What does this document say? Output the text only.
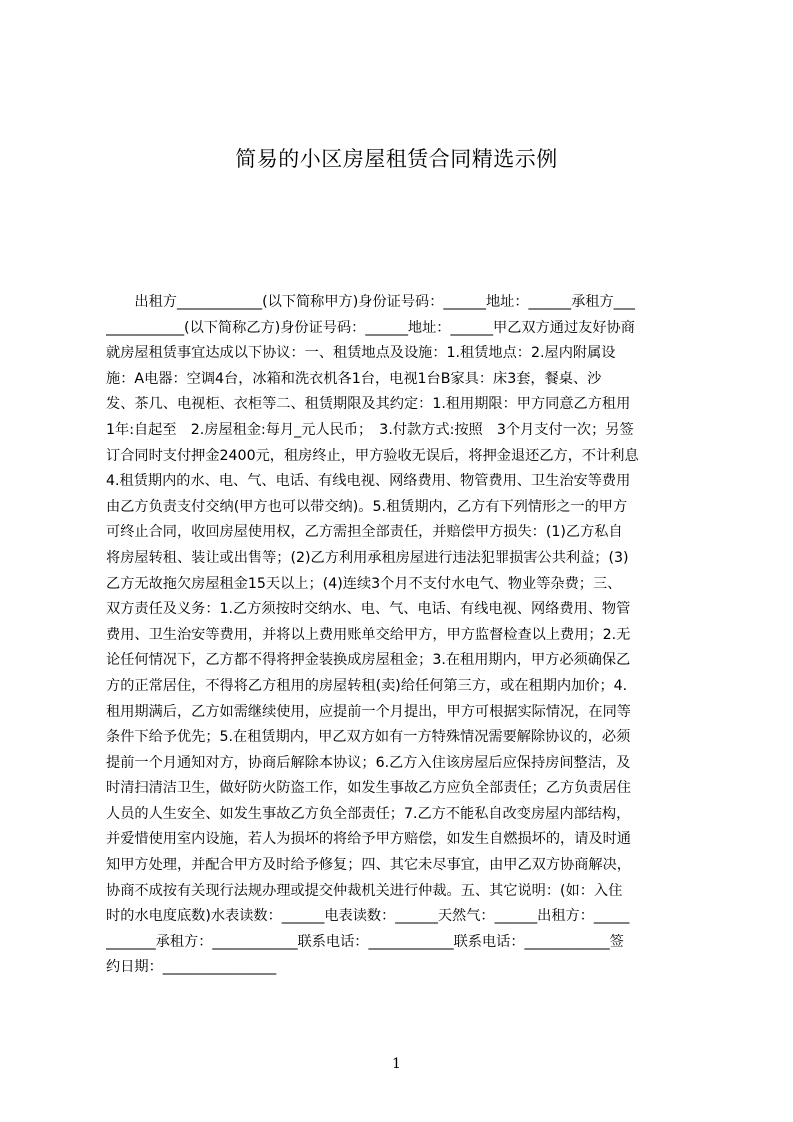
简易的小区房屋租赁合同精选示例
　　出租方____________(以下简称甲方)身份证号码：______地址：______承租方___
___________(以下简称乙方)身份证号码：______地址：______甲乙双方通过友好协商
就房屋租赁事宜达成以下协议：一、租赁地点及设施：1.租赁地点：2.屋内附属设
施：A电器：空调4台，冰箱和洗衣机各1台，电视1台B家具：床3套，餐桌、沙
发、茶几、电视柜、衣柜等二、租赁期限及其约定：1.租用期限：甲方同意乙方租用
1年:自起至　2.房屋租金:每月_元人民币；　3.付款方式:按照　3个月支付一次；另签
订合同时支付押金2400元，租房终止，甲方验收无误后，将押金退还乙方，不计利息
4.租赁期内的水、电、气、电话、有线电视、网络费用、物管费用、卫生治安等费用
由乙方负责支付交纳(甲方也可以带交纳)。5.租赁期内，乙方有下列情形之一的甲方
可终止合同，收回房屋使用权，乙方需担全部责任，并赔偿甲方损失：(1)乙方私自
将房屋转租、装让或出售等；(2)乙方利用承租房屋进行违法犯罪损害公共利益；(3)
乙方无故拖欠房屋租金15天以上；(4)连续3个月不支付水电气、物业等杂费；三、
双方责任及义务：1.乙方须按时交纳水、电、气、电话、有线电视、网络费用、物管
费用、卫生治安等费用，并将以上费用账单交给甲方，甲方监督检查以上费用；2.无
论任何情况下，乙方都不得将押金装换成房屋租金；3.在租用期内，甲方必须确保乙
方的正常居住，不得将乙方租用的房屋转租(卖)给任何第三方，或在租期内加价；4.
租用期满后，乙方如需继续使用，应提前一个月提出，甲方可根据实际情况，在同等
条件下给予优先；5.在租赁期内，甲乙双方如有一方特殊情况需要解除协议的，必须
提前一个月通知对方，协商后解除本协议；6.乙方入住该房屋后应保持房间整洁，及
时清扫清洁卫生，做好防火防盗工作，如发生事故乙方应负全部责任；乙方负责居住
人员的人生安全、如发生事故乙方负全部责任；7.乙方不能私自改变房屋内部结构，
并爱惜使用室内设施，若人为损坏的将给予甲方赔偿，如发生自燃损坏的，请及时通
知甲方处理，并配合甲方及时给予修复；四、其它未尽事宜，由甲乙双方协商解决，
协商不成按有关现行法规办理或提交仲裁机关进行仲裁。五、其它说明：(如：入住
时的水电度底数)水表读数：______电表读数：______天然气：______出租方：_____
_______承租方：____________联系电话：____________联系电话：____________签
约日期：________________
1
